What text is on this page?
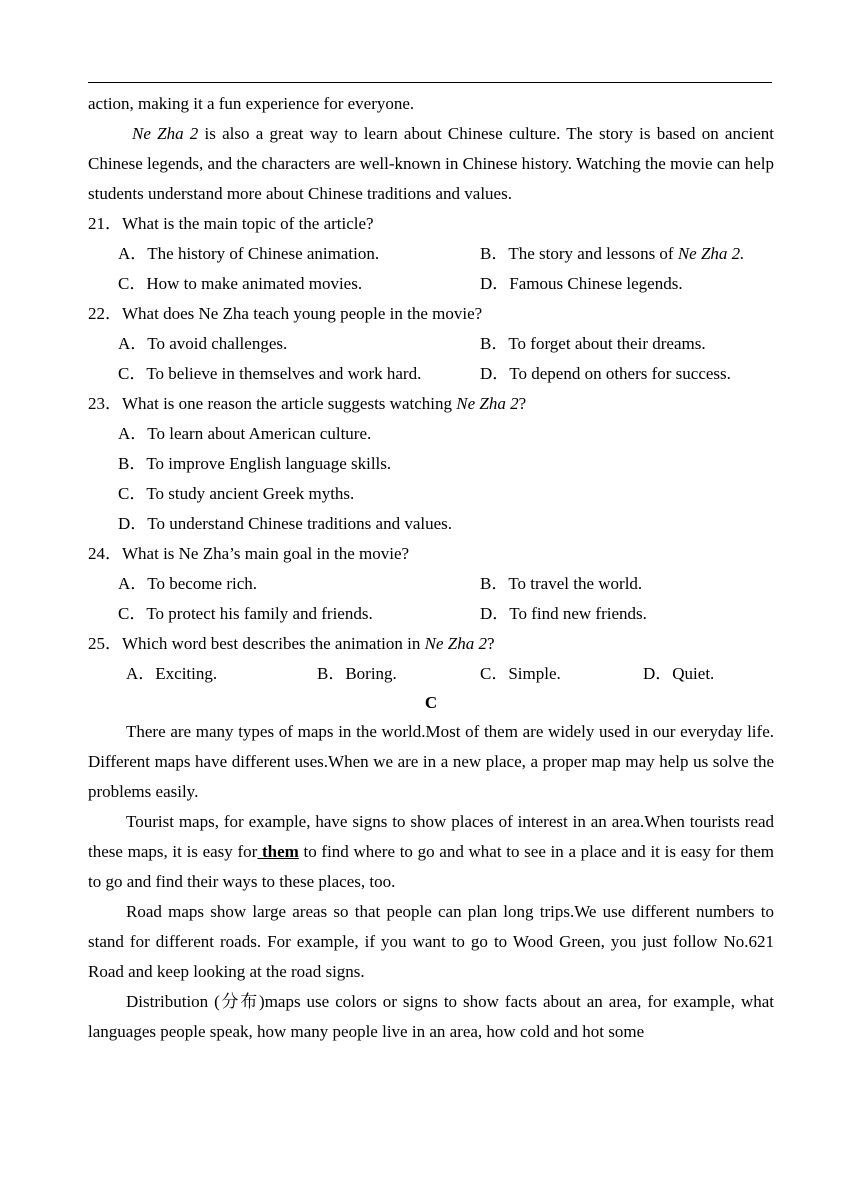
action, making it a fun experience for everyone.

Ne Zha 2 is also a great way to learn about Chinese culture. The story is based on ancient Chinese legends, and the characters are well-known in Chinese history. Watching the movie can help students understand more about Chinese traditions and values.

21．What is the main topic of the article?
A．The history of Chinese animation.	B．The story and lessons of Ne Zha 2.
C．How to make animated movies.	D．Famous Chinese legends.
22．What does Ne Zha teach young people in the movie?
A．To avoid challenges.	B．To forget about their dreams.
C．To believe in themselves and work hard.	D．To depend on others for success.
23．What is one reason the article suggests watching Ne Zha 2?
A．To learn about American culture.
B．To improve English language skills.
C．To study ancient Greek myths.
D．To understand Chinese traditions and values.
24．What is Ne Zha’s main goal in the movie?
A．To become rich.	B．To travel the world.
C．To protect his family and friends.	D．To find new friends.
25．Which word best describes the animation in Ne Zha 2?
A．Exciting.	B．Boring.	C．Simple.	D．Quiet.
C

There are many types of maps in the world.Most of them are widely used in our everyday life. Different maps have different uses.When we are in a new place, a proper map may help us solve the problems easily.

Tourist maps, for example, have signs to show places of interest in an area.When tourists read these maps, it is easy for them to find where to go and what to see in a place and it is easy for them to go and find their ways to these places, too.

Road maps show large areas so that people can plan long trips.We use different numbers to stand for different roads. For example, if you want to go to Wood Green, you just follow No.621 Road and keep looking at the road signs.

Distribution (分布)maps use colors or signs to show facts about an area, for example, what languages people speak, how many people live in an area, how cold and hot some
